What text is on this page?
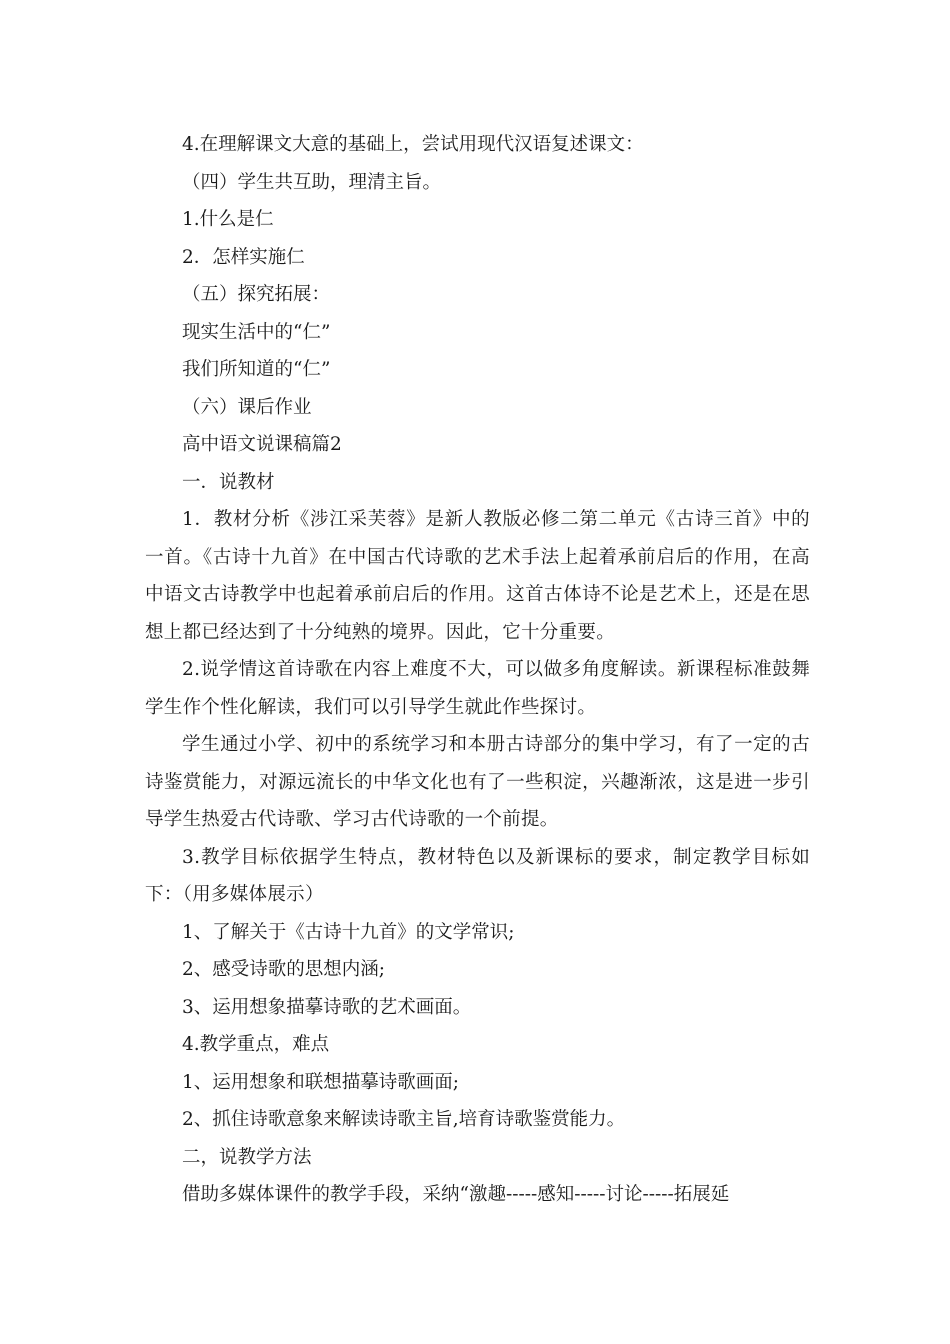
4.在理解课文大意的基础上，尝试用现代汉语复述课文：

（四）学生共互助，理清主旨。

1.什么是仁

2．怎样实施仁

（五）探究拓展：

现实生活中的“仁”

我们所知道的“仁”

（六）课后作业

高中语文说课稿篇2

一．说教材

1．教材分析《涉江采芙蓉》是新人教版必修二第二单元《古诗三首》中的一首。《古诗十九首》在中国古代诗歌的艺术手法上起着承前启后的作用，在高中语文古诗教学中也起着承前启后的作用。这首古体诗不论是艺术上，还是在思想上都已经达到了十分纯熟的境界。因此，它十分重要。

2.说学情这首诗歌在内容上难度不大，可以做多角度解读。新课程标准鼓舞学生作个性化解读，我们可以引导学生就此作些探讨。

学生通过小学、初中的系统学习和本册古诗部分的集中学习，有了一定的古诗鉴赏能力，对源远流长的中华文化也有了一些积淀，兴趣渐浓，这是进一步引导学生热爱古代诗歌、学习古代诗歌的一个前提。

3.教学目标依据学生特点，教材特色以及新课标的要求，制定教学目标如下：（用多媒体展示）

1、了解关于《古诗十九首》的文学常识;

2、感受诗歌的思想内涵;

3、运用想象描摹诗歌的艺术画面。

4.教学重点，难点

1、运用想象和联想描摹诗歌画面;

2、抓住诗歌意象来解读诗歌主旨,培育诗歌鉴赏能力。

二，说教学方法

借助多媒体课件的教学手段，采纳“激趣-----感知-----讨论-----拓展延
